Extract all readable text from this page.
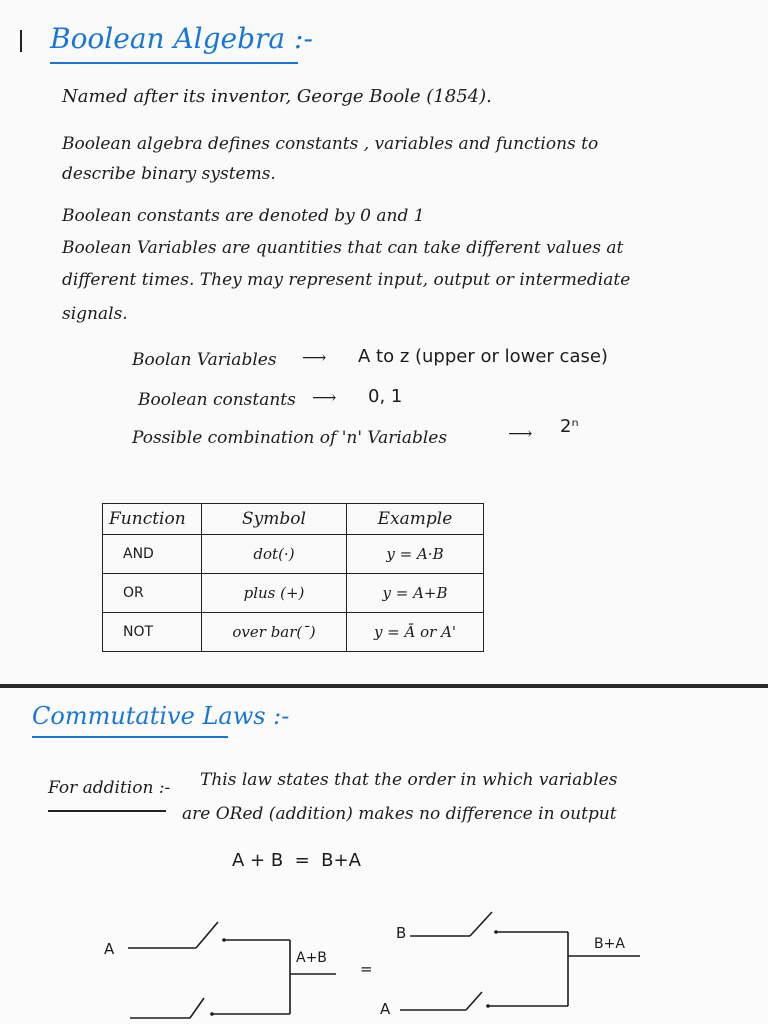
Boolean Algebra :-
Named after its inventor, George Boole (1854).
Boolean algebra defines constants , variables and functions to
describe binary systems.
Boolean constants are denoted by 0 and 1
Boolean Variables are quantities that can take different values at
different times. They may represent input, output or intermediate
signals.
Boolan Variables ⟶ A to z (upper or lower case)
Boolean constants ⟶ 0, 1
Possible combination of 'n' Variables	⟶ 2ⁿ
Function	Symbol	Example
AND	dot(·)	y = A·B
OR	plus (+)	y = A+B
NOT	over bar(¯)	y = Ā or A'
Commutative Laws :-
For addition :- This law states that the order in which variables
are ORed (addition) makes no difference in output
A + B  =  B+A
A	A+B
=
B
B+A
A
